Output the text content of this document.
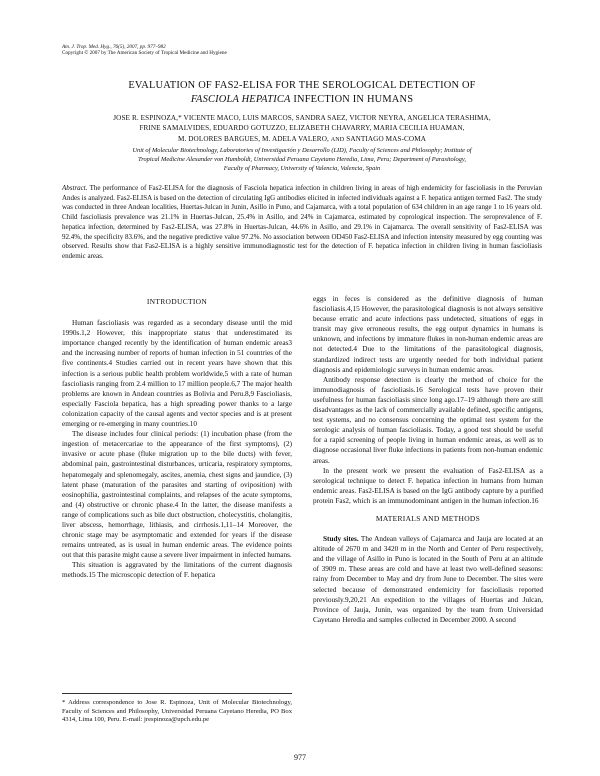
Am. J. Trop. Med. Hyg., 76(5), 2007, pp. 977–982
Copyright © 2007 by The American Society of Tropical Medicine and Hygiene
EVALUATION OF FAS2-ELISA FOR THE SEROLOGICAL DETECTION OF
FASCIOLA HEPATICA INFECTION IN HUMANS
JOSE R. ESPINOZA,* VICENTE MACO, LUIS MARCOS, SANDRA SAEZ, VICTOR NEYRA, ANGELICA TERASHIMA,
FRINE SAMALVIDES, EDUARDO GOTUZZO, ELIZABETH CHAVARRY, MARIA CECILIA HUAMAN,
M. DOLORES BARGUES, M. ADELA VALERO, AND SANTIAGO MAS-COMA
Unit of Molecular Biotechnology, Laboratories of Investigación y Desarrollo (LID), Faculty of Sciences and Philosophy; Institute of
Tropical Medicine Alexander von Humboldt, Universidad Peruana Cayetano Heredia, Lima, Peru; Department of Parasitology,
Faculty of Pharmacy, University of Valencia, Valencia, Spain
Abstract. The performance of Fas2-ELISA for the diagnosis of Fasciola hepatica infection in children living in areas of high endemicity for fascioliasis in the Peruvian Andes is analyzed. Fas2-ELISA is based on the detection of circulating IgG antibodies elicited in infected individuals against a F. hepatica antigen termed Fas2. The study was conducted in three Andean localities, Huertas-Julcan in Junin, Asillo in Puno, and Cajamarca, with a total population of 634 children in an age range 1 to 16 years old. Child fascioliasis prevalence was 21.1% in Huertas-Julcan, 25.4% in Asillo, and 24% in Cajamarca, estimated by coprological inspection. The seroprevalence of F. hepatica infection, determined by Fas2-ELISA, was 27.8% in Huertas-Julcan, 44.6% in Asillo, and 29.1% in Cajamarca. The overall sensitivity of Fas2-ELISA was 92.4%, the specificity 83.6%, and the negative predictive value 97.2%. No association between OD450 Fas2-ELISA and infection intensity measured by egg counting was observed. Results show that Fas2-ELISA is a highly sensitive immunodiagnostic test for the detection of F. hepatica infection in children living in human fascioliasis endemic areas.
INTRODUCTION

Human fascioliasis was regarded as a secondary disease until the mid 1990s.1,2 However, this inappropriate status that underestimated its importance changed recently by the identification of human endemic areas3 and the increasing number of reports of human infection in 51 countries of the five continents.4 Studies carried out in recent years have shown that this infection is a serious public health problem worldwide,5 with a rate of human fascioliasis ranging from 2.4 million to 17 million people.6,7 The major health problems are known in Andean countries as Bolivia and Peru.8,9 Fascioliasis, especially Fasciola hepatica, has a high spreading power thanks to a large colonization capacity of the causal agents and vector species and is at present emerging or re-emerging in many countries.10

The disease includes four clinical periods: (1) incubation phase (from the ingestion of metacercariae to the appearance of the first symptoms), (2) invasive or acute phase (fluke migration up to the bile ducts) with fever, abdominal pain, gastrointestinal disturbances, urticaria, respiratory symptoms, hepatomegaly and splenomegaly, ascites, anemia, chest signs and jaundice, (3) latent phase (maturation of the parasites and starting of oviposition) with eosinophilia, gastrointestinal complaints, and relapses of the acute symptoms, and (4) obstructive or chronic phase.4 In the latter, the disease manifests a range of complications such as bile duct obstruction, cholecystitis, cholangitis, liver abscess, hemorrhage, lithiasis, and cirrhosis.1,11–14 Moreover, the chronic stage may be asymptomatic and extended for years if the disease remains untreated, as is usual in human endemic areas. The evidence points out that this parasite might cause a severe liver impairment in infected humans.

This situation is aggravated by the limitations of the current diagnosis methods.15 The microscopic detection of F. hepatica

* Address correspondence to Jose R. Espinoza, Unit of Molecular Biotechnology, Faculty of Sciences and Philosophy, Universidad Peruana Cayetano Heredia, PO Box 4314, Lima 100, Peru. E-mail: jrespinoza@upch.edu.pe

eggs in feces is considered as the definitive diagnosis of human fascioliasis.4,15 However, the parasitological diagnosis is not always sensitive because erratic and acute infections pass undetected, situations of eggs in transit may give erroneous results, the egg output dynamics in humans is unknown, and infections by immature flukes in non-human endemic areas are not detected.4 Due to the limitations of the parasitological diagnosis, standardized indirect tests are urgently needed for both individual patient diagnosis and epidemiologic surveys in human endemic areas.

Antibody response detection is clearly the method of choice for the immunodiagnosis of fascioliasis.16 Serological tests have proven their usefulness for human fascioliasis since long ago.17–19 although there are still disadvantages as the lack of commercially available defined, specific antigens, test systems, and no consensus concerning the optimal test system for the serologic analysis of human fascioliasis. Today, a good test should be useful for a rapid screening of people living in human endemic areas, as well as to diagnose occasional liver fluke infections in patients from non-human endemic areas.

In the present work we present the evaluation of Fas2-ELISA as a serological technique to detect F. hepatica infection in humans from human endemic areas. Fas2-ELISA is based on the IgG antibody capture by a purified protein Fas2, which is an immunodominant antigen in the human infection.16

MATERIALS AND METHODS

Study sites. The Andean valleys of Cajamarca and Jauja are located at an altitude of 2670 m and 3420 m in the North and Center of Peru respectively, and the village of Asillo in Puno is located in the South of Peru at an altitude of 3909 m. These areas are cold and have at least two well-defined seasons: rainy from December to May and dry from June to December. The sites were selected because of demonstrated endemicity for fascioliasis reported previously.9,20,21 An expedition to the villages of Huertas and Julcan, Province of Jauja, Junin, was organized by the team from Universidad Cayetano Heredia and samples collected in December 2000. A second

977
